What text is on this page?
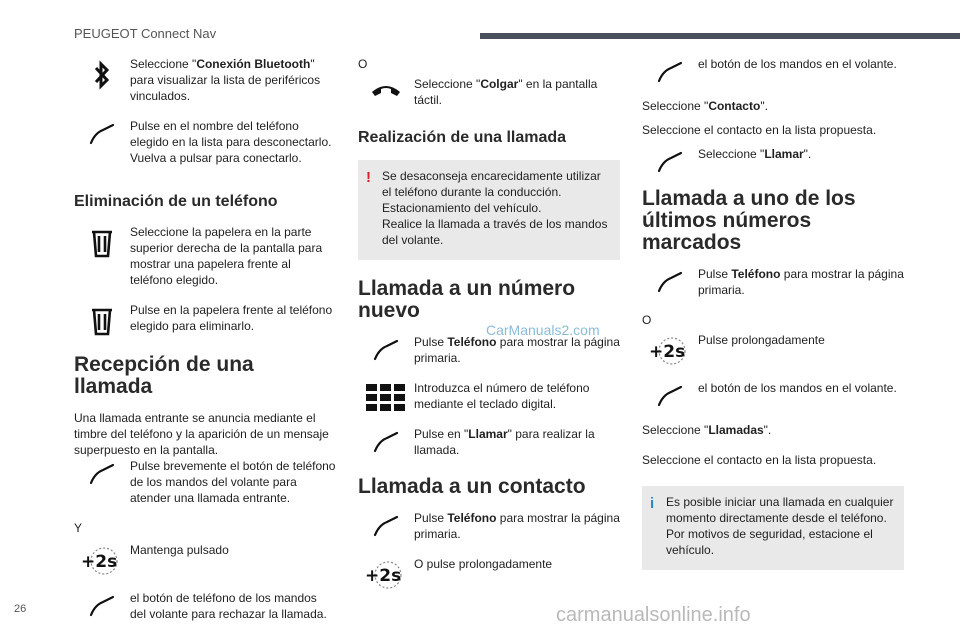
PEUGEOT Connect Nav
26
Seleccione "Conexión Bluetooth" para visualizar la lista de periféricos vinculados.
Pulse en el nombre del teléfono elegido en la lista para desconectarlo.
Vuelva a pulsar para conectarlo.
Eliminación de un teléfono
Seleccione la papelera en la parte superior derecha de la pantalla para mostrar una papelera frente al teléfono elegido.
Pulse en la papelera frente al teléfono elegido para eliminarlo.
Recepción de una llamada

Una llamada entrante se anuncia mediante el timbre del teléfono y la aparición de un mensaje superpuesto en la pantalla.

Pulse brevemente el botón de teléfono de los mandos del volante para atender una llamada entrante.

Y

+2s
Mantenga pulsado
el botón de teléfono de los mandos del volante para rechazar la llamada.

O

Seleccione "Colgar" en la pantalla táctil.
Realización de una llamada
! Se desaconseja encarecidamente utilizar el teléfono durante la conducción.
Estacionamiento del vehículo.
Realice la llamada a través de los mandos del volante.
Llamada a un número nuevo
Pulse Teléfono para mostrar la página primaria.
Introduzca el número de teléfono mediante el teclado digital.
Pulse en "Llamar" para realizar la llamada.
Llamada a un contacto
Pulse Teléfono para mostrar la página primaria.
+2s
O pulse prolongadamente
el botón de los mandos en el volante.

Seleccione "Contacto".

Seleccione el contacto en la lista propuesta.

Seleccione "Llamar".
Llamada a uno de los últimos números marcados
Pulse Teléfono para mostrar la página primaria.

O

+2s
Pulse prolongadamente
el botón de los mandos en el volante.

Seleccione "Llamadas".

Seleccione el contacto en la lista propuesta.

i Es posible iniciar una llamada en cualquier momento directamente desde el teléfono. Por motivos de seguridad, estacione el vehículo.
CarManuals2.com
carmanualsonline.info
